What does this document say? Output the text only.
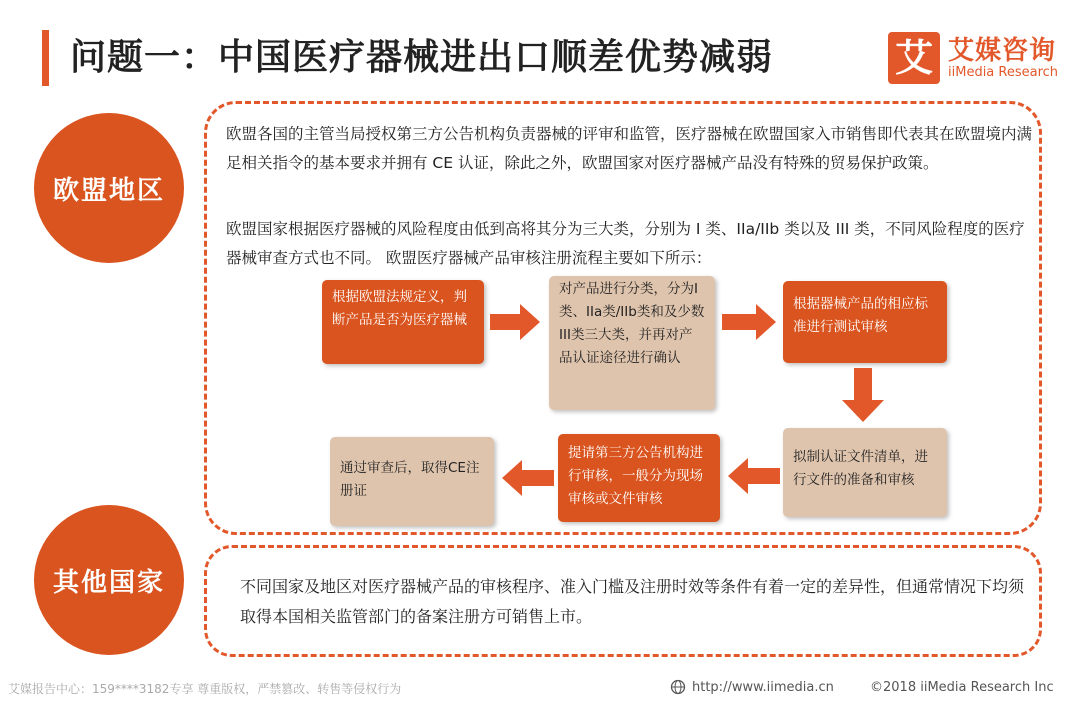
问题一：中国医疗器械进出口顺差优势减弱	艾 艾媒咨询
iiMedia Research
欧盟地区
其他国家
欧盟各国的主管当局授权第三方公告机构负责器械的评审和监管，医疗器械在欧盟国家入市销售即代表其在欧盟境内满足相关指令的基本要求并拥有 CE 认证，除此之外，欧盟国家对医疗器械产品没有特殊的贸易保护政策。
欧盟国家根据医疗器械的风险程度由低到高将其分为三大类，分别为 I 类、IIa/IIb 类以及 III 类，不同风险程度的医疗器械审查方式也不同。 欧盟医疗器械产品审核注册流程主要如下所示：
根据欧盟法规定义，判断产品是否为医疗器械
对产品进行分类，分为I类、IIa类/IIb类和及少数III类三大类，并再对产品认证途径进行确认
根据器械产品的相应标准进行测试审核
拟制认证文件清单，进行文件的准备和审核
提请第三方公告机构进行审核，一般分为现场审核或文件审核
通过审查后，取得CE注册证
不同国家及地区对医疗器械产品的审核程序、准入门槛及注册时效等条件有着一定的差异性，但通常情况下均须取得本国相关监管部门的备案注册方可销售上市。
艾媒报告中心：159****3182专享 尊重版权，严禁篡改、转售等侵权行为	http://www.iimedia.cn	©2018 iiMedia Research Inc
